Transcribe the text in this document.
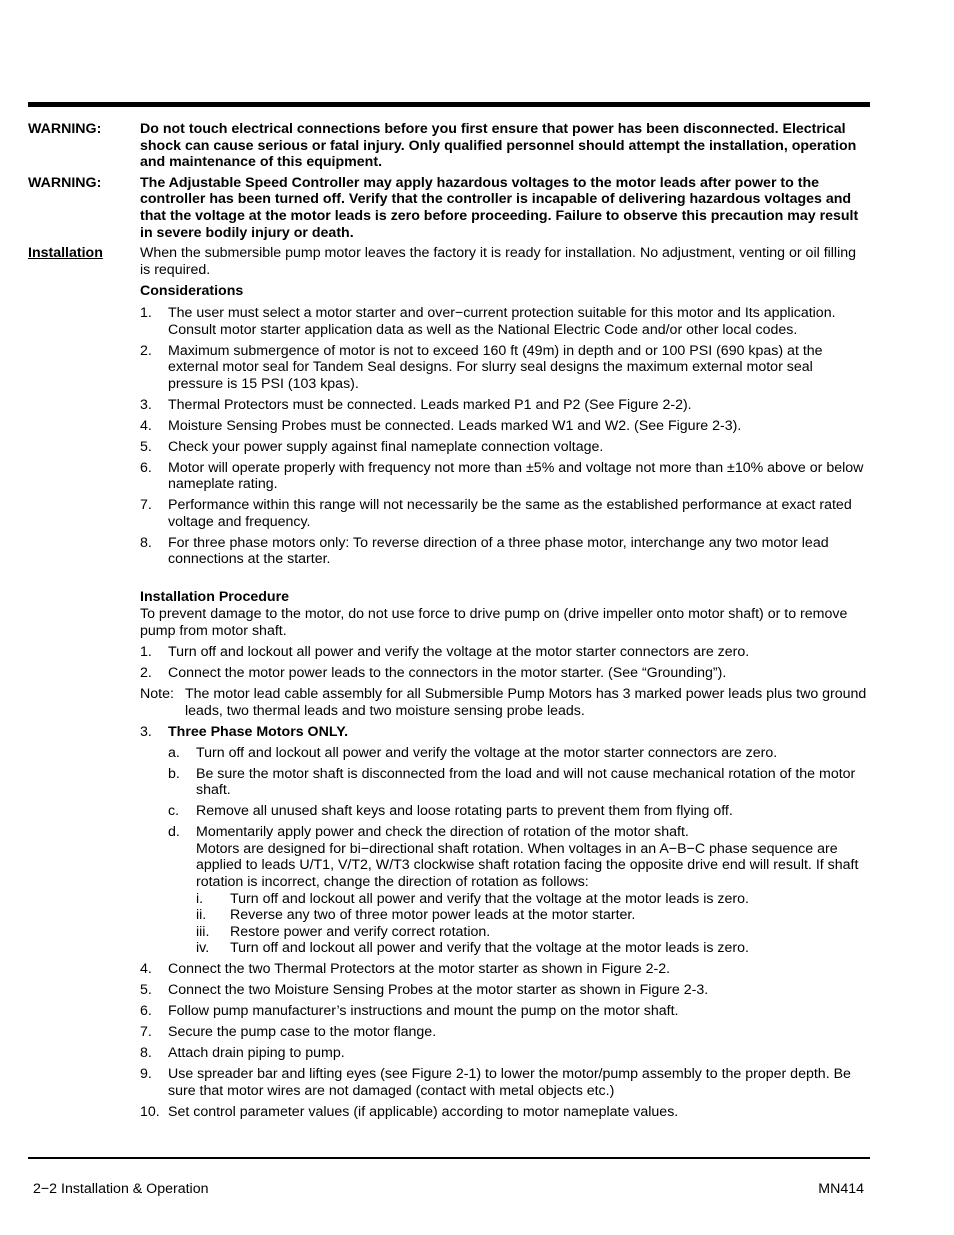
WARNING:	Do not touch electrical connections before you first ensure that power has been disconnected. Electrical shock can cause serious or fatal injury. Only qualified personnel should attempt the installation, operation and maintenance of this equipment.
WARNING:	The Adjustable Speed Controller may apply hazardous voltages to the motor leads after power to the controller has been turned off. Verify that the controller is incapable of delivering hazardous voltages and that the voltage at the motor leads is zero before proceeding. Failure to observe this precaution may result in severe bodily injury or death.
Installation	When the submersible pump motor leaves the factory it is ready for installation. No adjustment, venting or oil filling is required.
Considerations
1.	The user must select a motor starter and over−current protection suitable for this motor and Its application. Consult motor starter application data as well as the National Electric Code and/or other local codes.
2.	Maximum submergence of motor is not to exceed 160 ft (49m) in depth and or 100 PSI (690 kpas) at the external motor seal for Tandem Seal designs. For slurry seal designs the maximum external motor seal pressure is 15 PSI (103 kpas).
3.	Thermal Protectors must be connected. Leads marked P1 and P2 (See Figure 2-2).
4.	Moisture Sensing Probes must be connected. Leads marked W1 and W2. (See Figure 2-3).
5.	Check your power supply against final nameplate connection voltage.
6.	Motor will operate properly with frequency not more than ±5% and voltage not more than ±10% above or below nameplate rating.
7.	Performance within this range will not necessarily be the same as the established performance at exact rated voltage and frequency.
8.	For three phase motors only: To reverse direction of a three phase motor, interchange any two motor lead connections at the starter.
Installation Procedure
To prevent damage to the motor, do not use force to drive pump on (drive impeller onto motor shaft) or to remove pump from motor shaft.
1.	Turn off and lockout all power and verify the voltage at the motor starter connectors are zero.
2.	Connect the motor power leads to the connectors in the motor starter. (See “Grounding”).
Note: The motor lead cable assembly for all Submersible Pump Motors has 3 marked power leads plus two ground leads, two thermal leads and two moisture sensing probe leads.
3.	Three Phase Motors ONLY.
a.	Turn off and lockout all power and verify the voltage at the motor starter connectors are zero.
b.	Be sure the motor shaft is disconnected from the load and will not cause mechanical rotation of the motor shaft.
c.	Remove all unused shaft keys and loose rotating parts to prevent them from flying off.
d.	Momentarily apply power and check the direction of rotation of the motor shaft.
Motors are designed for bi−directional shaft rotation. When voltages in an A−B−C phase sequence are applied to leads U/T1, V/T2, W/T3 clockwise shaft rotation facing the opposite drive end will result. If shaft rotation is incorrect, change the direction of rotation as follows:
i.	Turn off and lockout all power and verify that the voltage at the motor leads is zero.
ii.	Reverse any two of three motor power leads at the motor starter.
iii.	Restore power and verify correct rotation.
iv.	Turn off and lockout all power and verify that the voltage at the motor leads is zero.
4.	Connect the two Thermal Protectors at the motor starter as shown in Figure 2-2.
5.	Connect the two Moisture Sensing Probes at the motor starter as shown in Figure 2-3.
6.	Follow pump manufacturer’s instructions and mount the pump on the motor shaft.
7.	Secure the pump case to the motor flange.
8.	Attach drain piping to pump.
9.	Use spreader bar and lifting eyes (see Figure 2-1) to lower the motor/pump assembly to the proper depth. Be sure that motor wires are not damaged (contact with metal objects etc.)
10. Set control parameter values (if applicable) according to motor nameplate values.
2−2 Installation & Operation	MN414
